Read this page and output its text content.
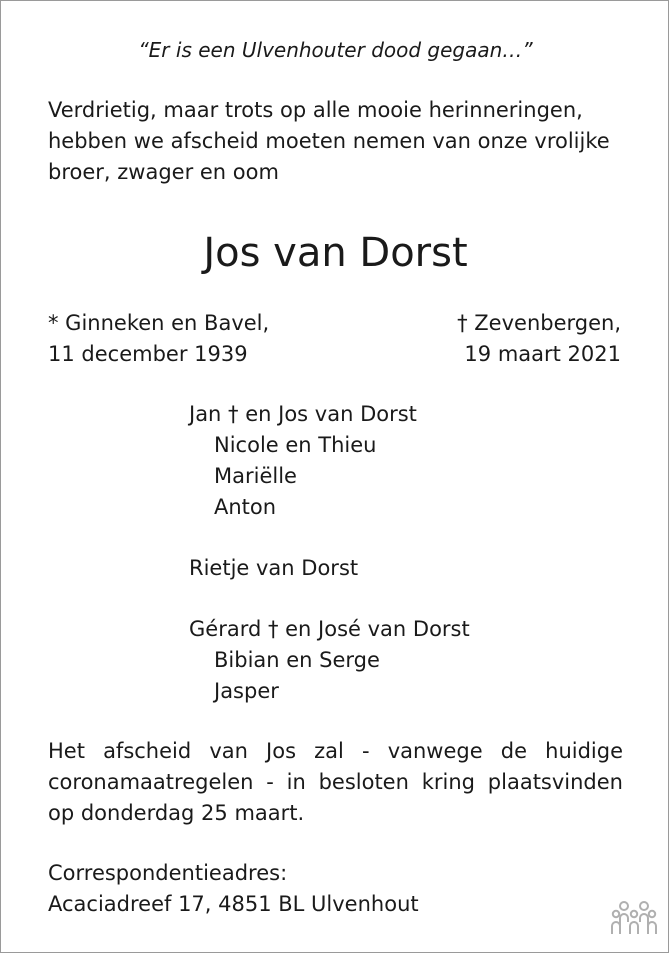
“Er is een Ulvenhouter dood gegaan…”
Verdrietig, maar trots op alle mooie herinneringen,
hebben we afscheid moeten nemen van onze vrolijke
broer, zwager en oom
Jos van Dorst
* Ginneken en Bavel,
11 december 1939
† Zevenbergen,
19 maart 2021
Jan † en Jos van Dorst
Nicole en Thieu
Mariëlle
Anton
Rietje van Dorst
Gérard † en José van Dorst
Bibian en Serge
Jasper
Het afscheid van Jos zal - vanwege de huidige
coronamaatregelen - in besloten kring plaatsvinden
op donderdag 25 maart.
Correspondentieadres:
Acaciadreef 17, 4851 BL Ulvenhout
